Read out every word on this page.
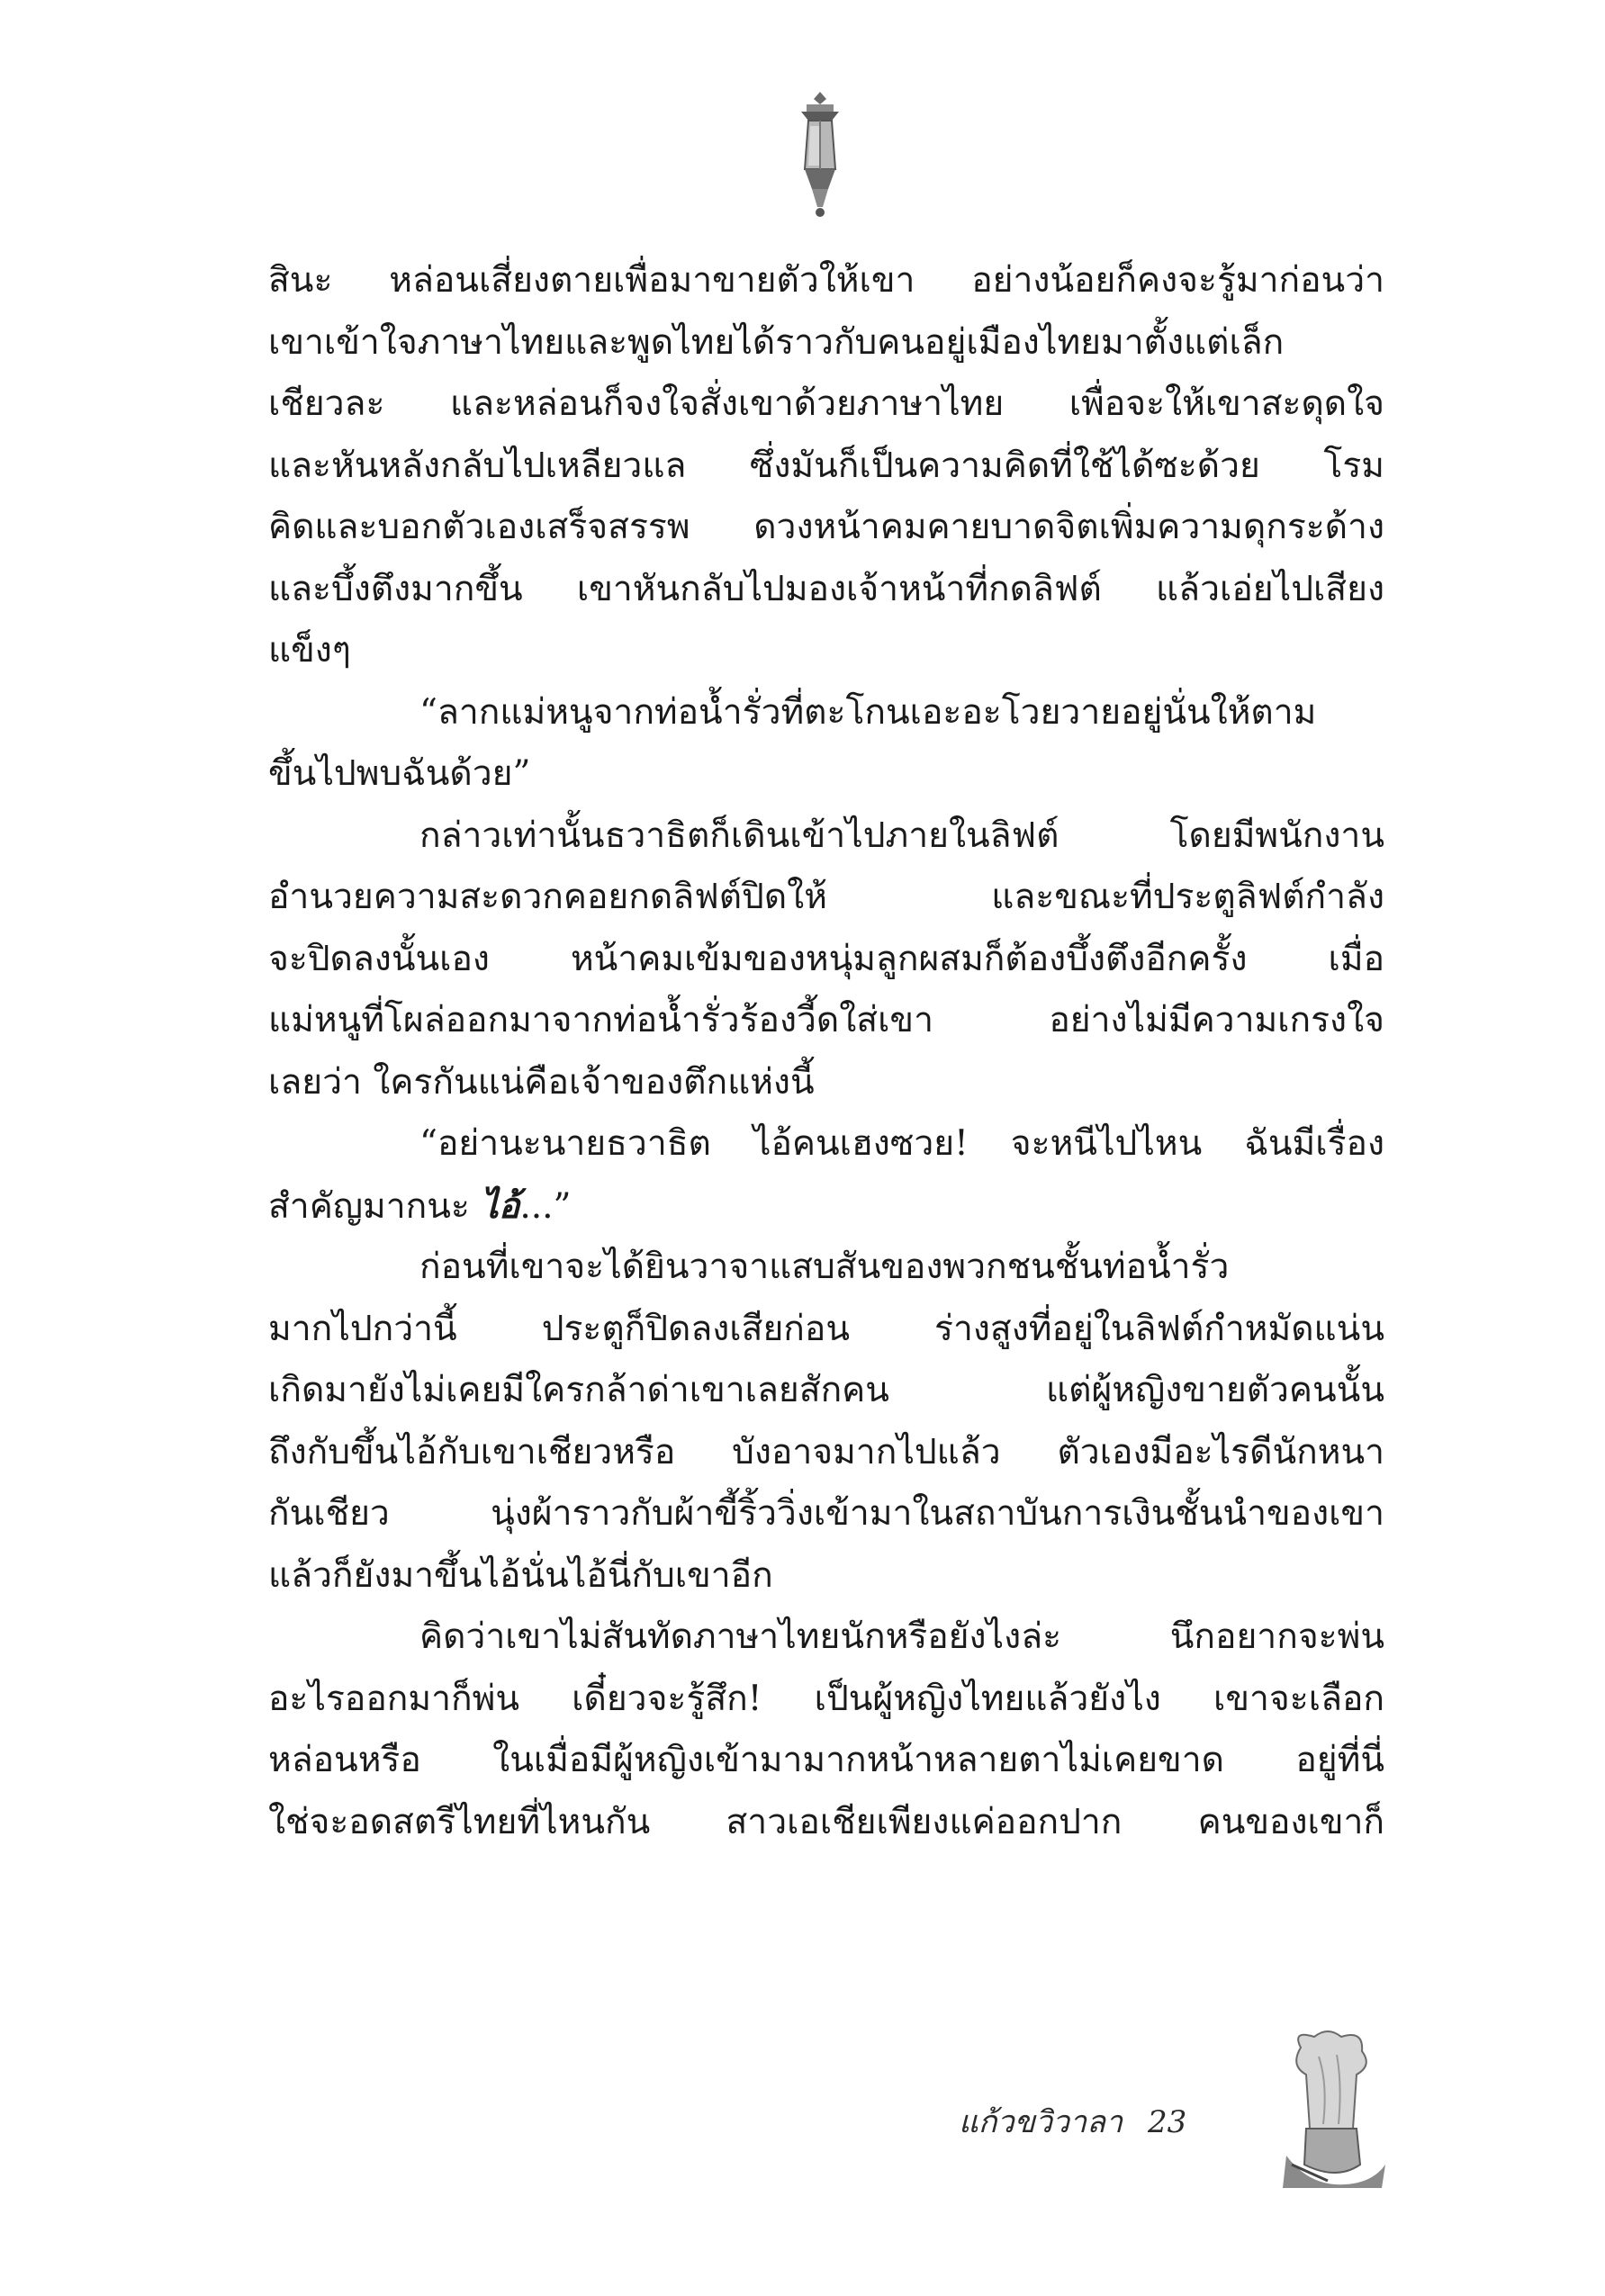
สินะ หล่อนเสี่ยงตายเพื่อมาขายตัวให้เขา อย่างน้อยก็คงจะรู้มาก่อนว่า
เขาเข้าใจภาษาไทยและพูดไทยได้ราวกับคนอยู่เมืองไทยมาตั้งแต่เล็ก
เชียวละ และหล่อนก็จงใจสั่งเขาด้วยภาษาไทย เพื่อจะให้เขาสะดุดใจ
และหันหลังกลับไปเหลียวแล ซึ่งมันก็เป็นความคิดที่ใช้ได้ซะด้วย โรม
คิดและบอกตัวเองเสร็จสรรพ ดวงหน้าคมคายบาดจิตเพิ่มความดุกระด้าง
และบึ้งตึงมากขึ้น เขาหันกลับไปมองเจ้าหน้าที่กดลิฟต์ แล้วเอ่ยไปเสียง
แข็งๆ
“ลากแม่หนูจากท่อน้ำรั่วที่ตะโกนเอะอะโวยวายอยู่นั่นให้ตาม
ขึ้นไปพบฉันด้วย”
กล่าวเท่านั้นธวาธิตก็เดินเข้าไปภายในลิฟต์ โดยมีพนักงาน
อำนวยความสะดวกคอยกดลิฟต์ปิดให้ และขณะที่ประตูลิฟต์กำลัง
จะปิดลงนั้นเอง หน้าคมเข้มของหนุ่มลูกผสมก็ต้องบึ้งตึงอีกครั้ง เมื่อ
แม่หนูที่โผล่ออกมาจากท่อน้ำรั่วร้องวี้ดใส่เขา อย่างไม่มีความเกรงใจ
เลยว่า ใครกันแน่คือเจ้าของตึกแห่งนี้
“อย่านะนายธวาธิต ไอ้คนเฮงซวย! จะหนีไปไหน ฉันมีเรื่อง
สำคัญมากนะ ไอ้...”
ก่อนที่เขาจะได้ยินวาจาแสบสันของพวกชนชั้นท่อน้ำรั่ว
มากไปกว่านี้ ประตูก็ปิดลงเสียก่อน ร่างสูงที่อยู่ในลิฟต์กำหมัดแน่น
เกิดมายังไม่เคยมีใครกล้าด่าเขาเลยสักคน แต่ผู้หญิงขายตัวคนนั้น
ถึงกับขึ้นไอ้กับเขาเชียวหรือ บังอาจมากไปแล้ว ตัวเองมีอะไรดีนักหนา
กันเชียว นุ่งผ้าราวกับผ้าขี้ริ้ววิ่งเข้ามาในสถาบันการเงินชั้นนำของเขา
แล้วก็ยังมาขึ้นไอ้นั่นไอ้นี่กับเขาอีก
คิดว่าเขาไม่สันทัดภาษาไทยนักหรือยังไงล่ะ นึกอยากจะพ่น
อะไรออกมาก็พ่น เดี๋ยวจะรู้สึก! เป็นผู้หญิงไทยแล้วยังไง เขาจะเลือก
หล่อนหรือ ในเมื่อมีผู้หญิงเข้ามามากหน้าหลายตาไม่เคยขาด อยู่ที่นี่
ใช่จะอดสตรีไทยที่ไหนกัน สาวเอเชียเพียงแค่ออกปาก คนของเขาก็
แก้วขวิวาลา 23
